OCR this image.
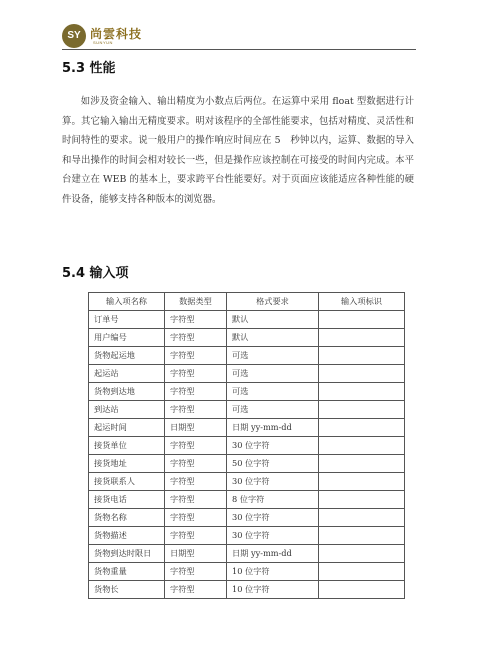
SY 尚雲科技
SUNYUN
5.3 性能
如涉及资金输入、输出精度为小数点后两位。在运算中采用 float 型数据进行计算。其它输入输出无精度要求。明对该程序的全部性能要求，包括对精度、灵活性和时间特性的要求。说一般用户的操作响应时间应在 5　秒钟以内，运算、数据的导入和导出操作的时间会相对较长一些，但是操作应该控制在可接受的时间内完成。本平台建立在 WEB 的基本上，要求跨平台性能要好。对于页面应该能适应各种性能的硬件设备，能够支持各种版本的浏览器。
5.4 输入项
输入项名称	数据类型	格式要求	输入项标识
订单号	字符型	默认	
用户编号	字符型	默认	
货物起运地	字符型	可选	
起运站	字符型	可选	
货物到达地	字符型	可选	
到达站	字符型	可选	
起运时间	日期型	日期 yy-mm-dd	
接货单位	字符型	30 位字符	
接货地址	字符型	50 位字符	
接货联系人	字符型	30 位字符	
接货电话	字符型	8 位字符	
货物名称	字符型	30 位字符	
货物描述	字符型	30 位字符	
货物到达时限日	日期型	日期 yy-mm-dd	
货物重量	字符型	10 位字符	
货物长	字符型	10 位字符	
